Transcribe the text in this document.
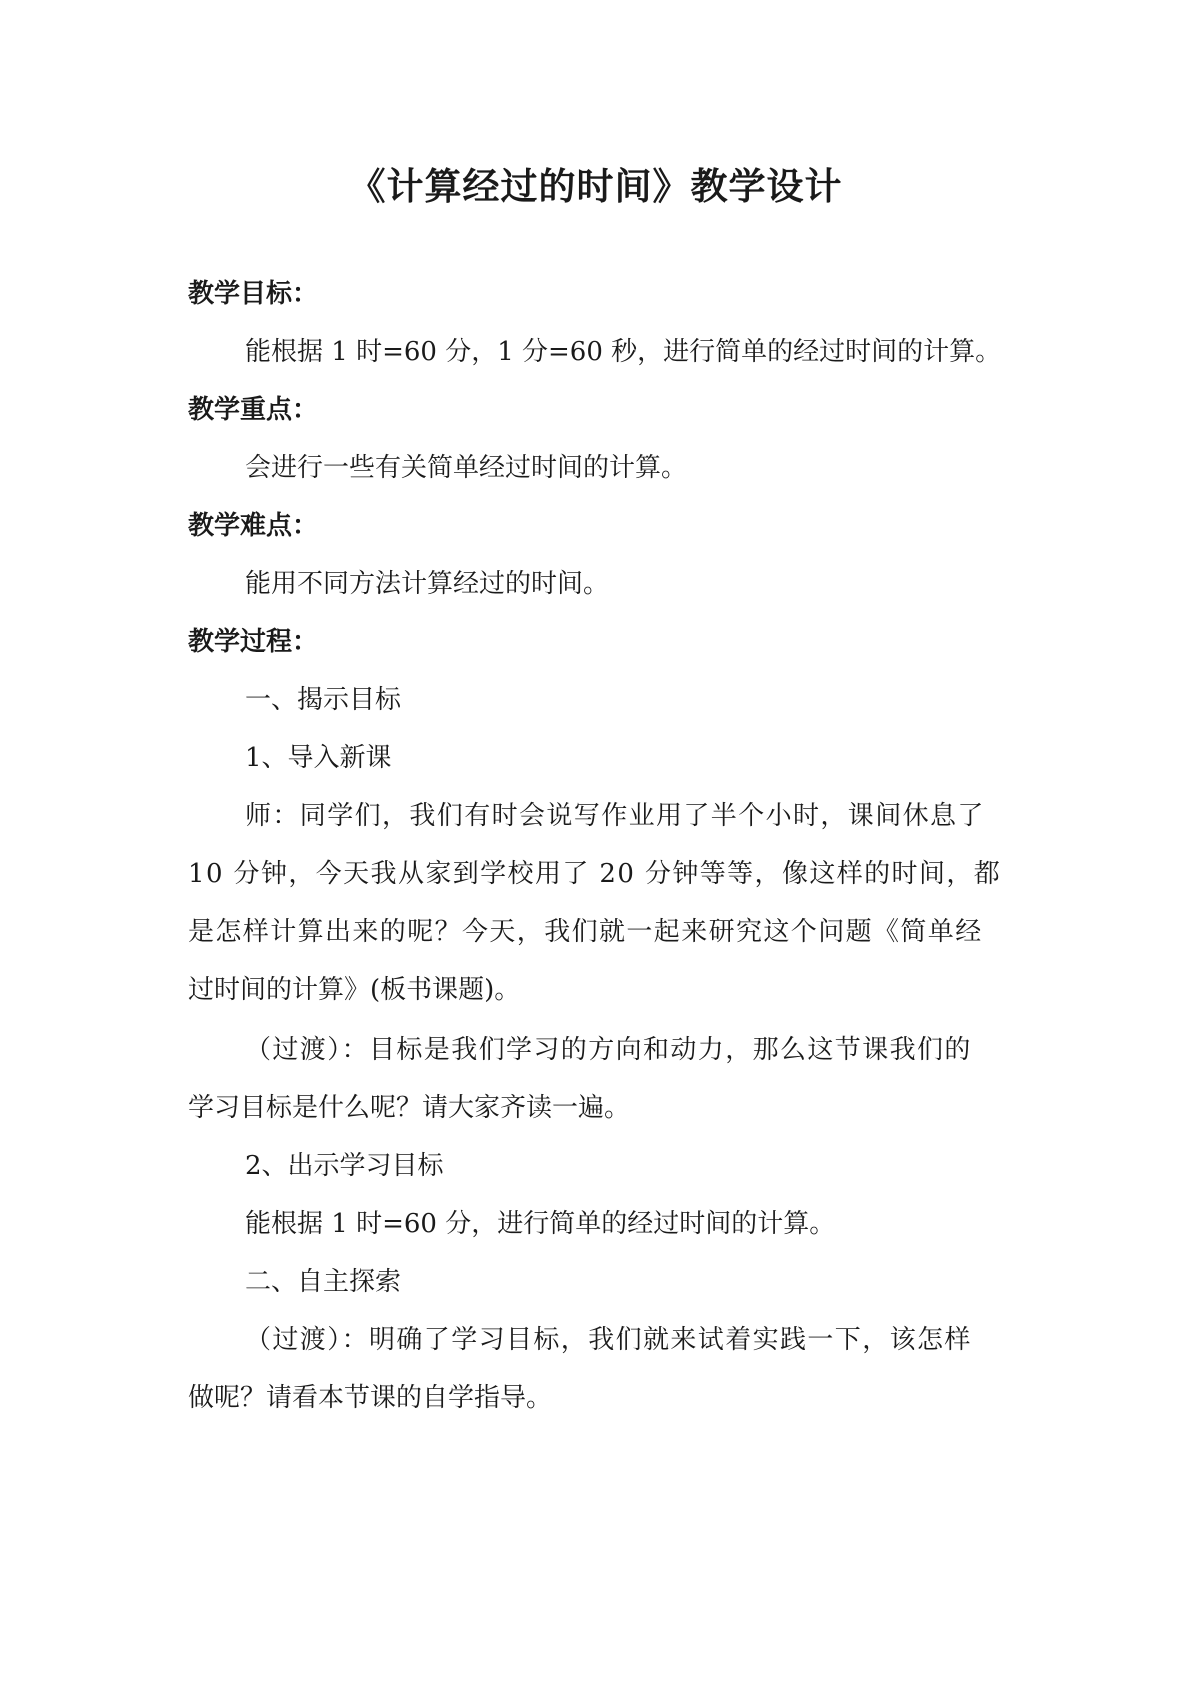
《计算经过的时间》教学设计
教学目标：
能根据 1 时=60 分，1 分=60 秒，进行简单的经过时间的计算。
教学重点：
会进行一些有关简单经过时间的计算。
教学难点：
能用不同方法计算经过的时间。
教学过程：
一、揭示目标
1、导入新课
师：同学们，我们有时会说写作业用了半个小时，课间休息了
10 分钟，今天我从家到学校用了 20 分钟等等，像这样的时间，都
是怎样计算出来的呢？今天，我们就一起来研究这个问题《简单经
过时间的计算》(板书课题)。
（过渡）：目标是我们学习的方向和动力，那么这节课我们的
学习目标是什么呢？请大家齐读一遍。
2、出示学习目标
能根据 1 时=60 分，进行简单的经过时间的计算。
二、自主探索
（过渡）：明确了学习目标，我们就来试着实践一下，该怎样
做呢？请看本节课的自学指导。
